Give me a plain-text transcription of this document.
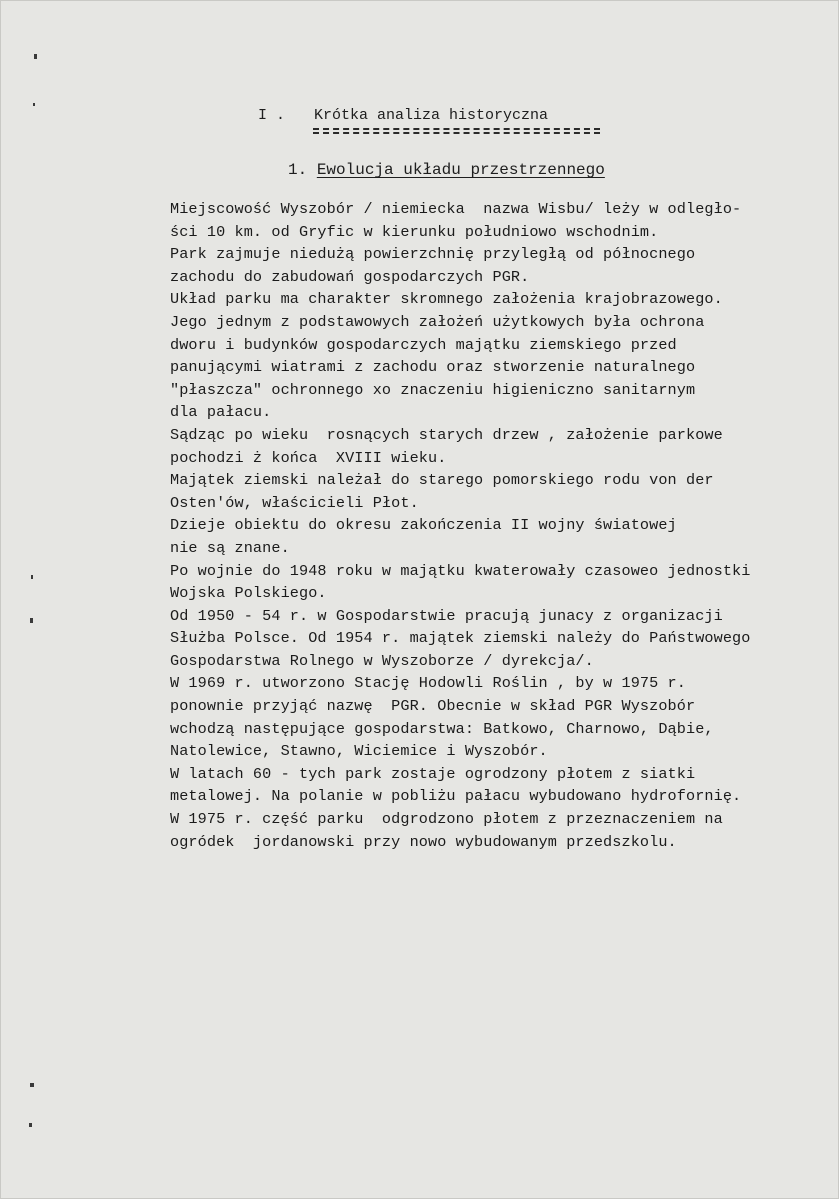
I . Krótka analiza historyczna
1. Ewolucja układu przestrzennego
Miejscowość Wyszobór / niemiecka  nazwa Wisbu/ leży w odległo-
ści 10 km. od Gryfic w kierunku południowo wschodnim.
Park zajmuje niedużą powierzchnię przyległą od północnego
zachodu do zabudowań gospodarczych PGR.
Układ parku ma charakter skromnego założenia krajobrazowego.
Jego jednym z podstawowych założeń użytkowych była ochrona
dworu i budynków gospodarczych majątku ziemskiego przed
panującymi wiatrami z zachodu oraz stworzenie naturalnego
"płaszcza" ochronnego xo znaczeniu higieniczno sanitarnym
dla pałacu.
Sądząc po wieku  rosnących starych drzew , założenie parkowe
pochodzi ż końca  XVIII wieku.
Majątek ziemski należał do starego pomorskiego rodu von der
Osten'ów, właścicieli Płot.
Dzieje obiektu do okresu zakończenia II wojny światowej
nie są znane.
Po wojnie do 1948 roku w majątku kwaterowały czasoweo jednostki
Wojska Polskiego.
Od 1950 - 54 r. w Gospodarstwie pracują junacy z organizacji
Służba Polsce. Od 1954 r. majątek ziemski należy do Państwowego
Gospodarstwa Rolnego w Wyszoborze / dyrekcja/.
W 1969 r. utworzono Stację Hodowli Roślin , by w 1975 r.
ponownie przyjąć nazwę  PGR. Obecnie w skład PGR Wyszobór
wchodzą następujące gospodarstwa: Batkowo, Charnowo, Dąbie,
Natolewice, Stawno, Wiciemice i Wyszobór.
W latach 60 - tych park zostaje ogrodzony płotem z siatki
metalowej. Na polanie w pobliżu pałacu wybudowano hydrofornię.
W 1975 r. część parku  odgrodzono płotem z przeznaczeniem na
ogródek  jordanowski przy nowo wybudowanym przedszkolu.
